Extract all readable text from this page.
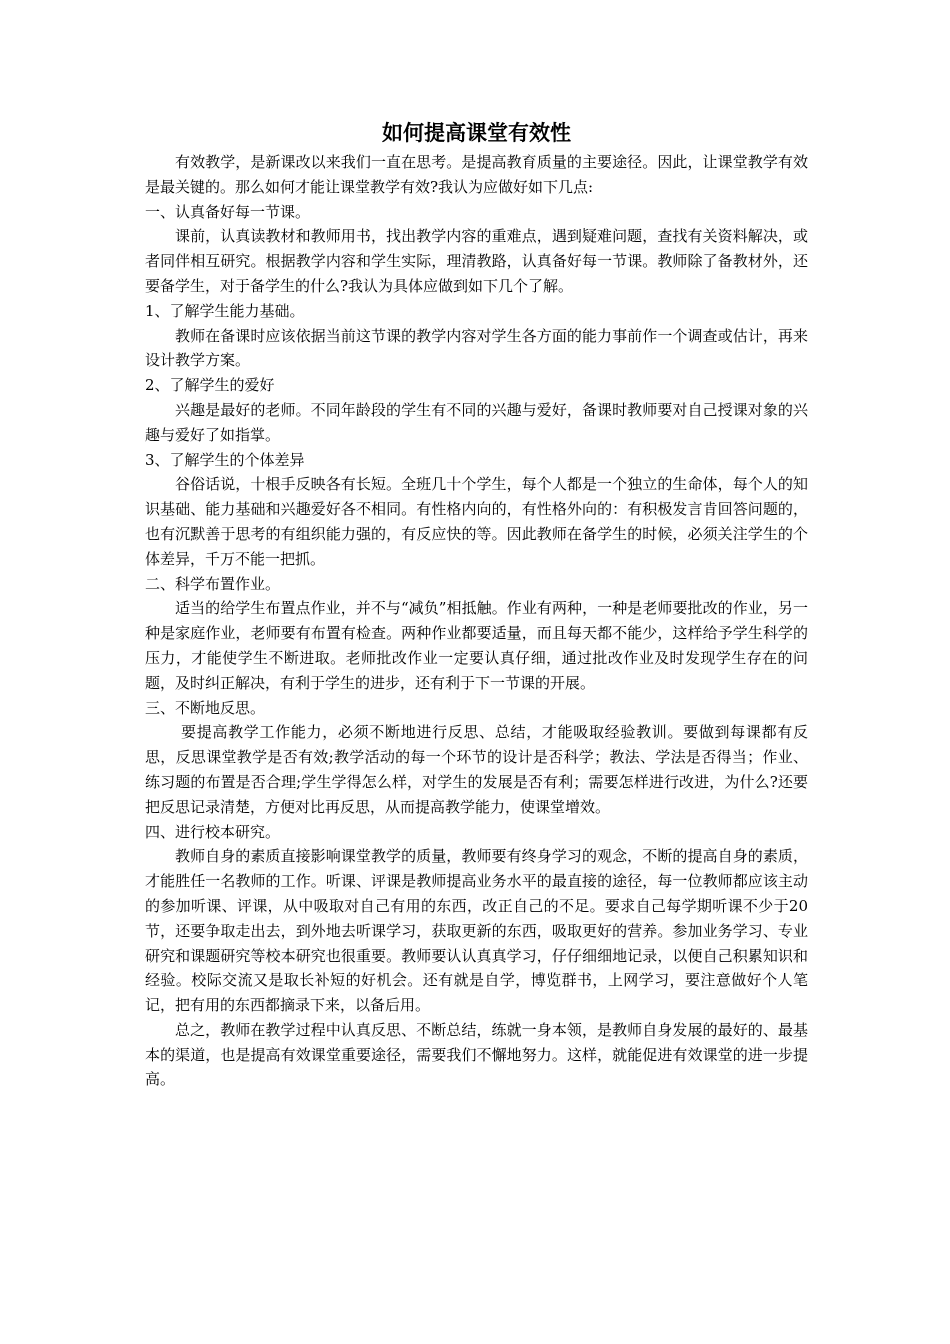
如何提高课堂有效性

有效教学，是新课改以来我们一直在思考。是提高教育质量的主要途径。因此，让课堂教学有效是最关键的。那么如何才能让课堂教学有效?我认为应做好如下几点:

一、认真备好每一节课。

课前，认真读教材和教师用书，找出教学内容的重难点，遇到疑难问题，查找有关资料解决，或者同伴相互研究。根据教学内容和学生实际，理清教路，认真备好每一节课。教师除了备教材外，还要备学生，对于备学生的什么?我认为具体应做到如下几个了解。

1、了解学生能力基础。

教师在备课时应该依据当前这节课的教学内容对学生各方面的能力事前作一个调查或估计，再来设计教学方案。

2、了解学生的爱好

兴趣是最好的老师。不同年龄段的学生有不同的兴趣与爱好，备课时教师要对自己授课对象的兴趣与爱好了如指掌。

3、了解学生的个体差异

谷俗话说，十根手反映各有长短。全班几十个学生，每个人都是一个独立的生命体，每个人的知识基础、能力基础和兴趣爱好各不相同。有性格内向的，有性格外向的：有积极发言肯回答问题的，也有沉默善于思考的有组织能力强的，有反应快的等。因此教师在备学生的时候，必须关注学生的个体差异，千万不能一把抓。

二、科学布置作业。

适当的给学生布置点作业，并不与“减负”相抵触。作业有两种，一种是老师要批改的作业，另一种是家庭作业，老师要有布置有检查。两种作业都要适量，而且每天都不能少，这样给予学生科学的压力，才能使学生不断进取。老师批改作业一定要认真仔细，通过批改作业及时发现学生存在的问题，及时纠正解决，有利于学生的进步，还有利于下一节课的开展。

三、不断地反思。

要提高教学工作能力，必须不断地进行反思、总结，才能吸取经验教训。要做到每课都有反思，反思课堂教学是否有效;教学活动的每一个环节的设计是否科学；教法、学法是否得当；作业、练习题的布置是否合理;学生学得怎么样，对学生的发展是否有利；需要怎样进行改进，为什么?还要把反思记录清楚，方便对比再反思，从而提高教学能力，使课堂增效。

四、进行校本研究。

教师自身的素质直接影响课堂教学的质量，教师要有终身学习的观念，不断的提高自身的素质，才能胜任一名教师的工作。听课、评课是教师提高业务水平的最直接的途径，每一位教师都应该主动的参加听课、评课，从中吸取对自己有用的东西，改正自己的不足。要求自己每学期听课不少于20节，还要争取走出去，到外地去听课学习，获取更新的东西，吸取更好的营养。参加业务学习、专业研究和课题研究等校本研究也很重要。教师要认认真真学习，仔仔细细地记录，以便自己积累知识和经验。校际交流又是取长补短的好机会。还有就是自学，博览群书，上网学习，要注意做好个人笔记，把有用的东西都摘录下来，以备后用。

总之，教师在教学过程中认真反思、不断总结，练就一身本领，是教师自身发展的最好的、最基本的渠道，也是提高有效课堂重要途径，需要我们不懈地努力。这样，就能促进有效课堂的进一步提高。
